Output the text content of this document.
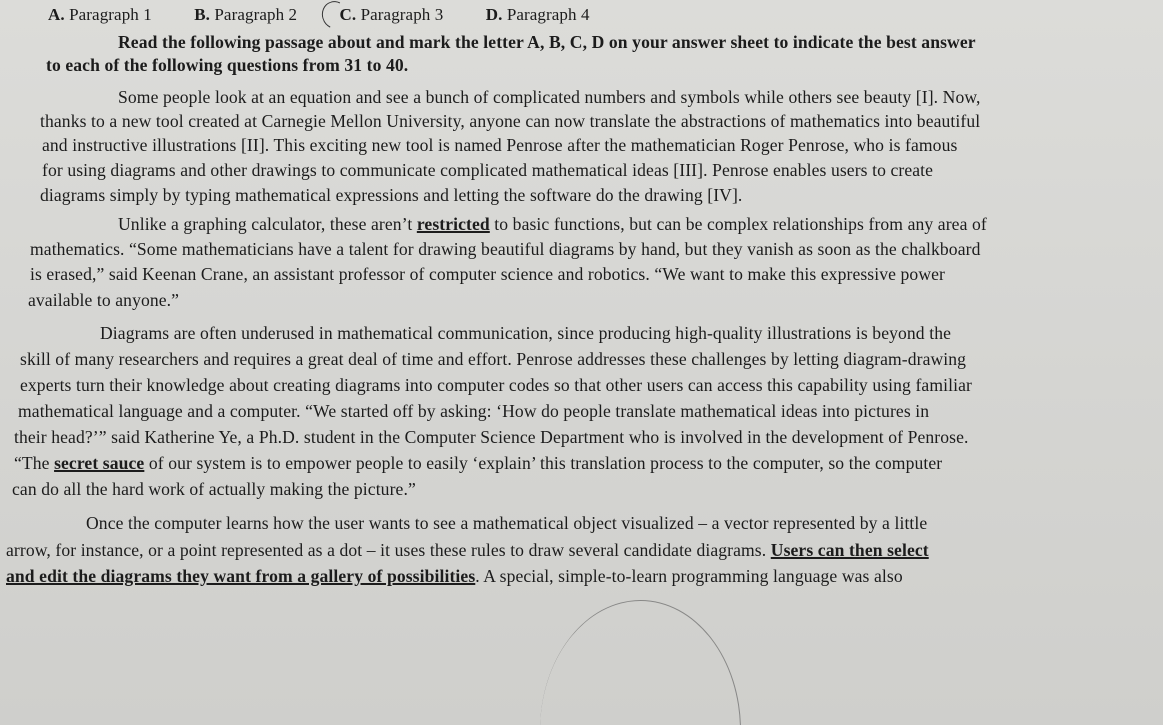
A. Paragraph 1 B. Paragraph 2 C. Paragraph 3 D. Paragraph 4
Read the following passage about and mark the letter A, B, C, D on your answer sheet to indicate the best answer
to each of the following questions from 31 to 40.
Some people look at an equation and see a bunch of complicated numbers and symbols while others see beauty [I]. Now,
thanks to a new tool created at Carnegie Mellon University, anyone can now translate the abstractions of mathematics into beautiful
and instructive illustrations [II]. This exciting new tool is named Penrose after the mathematician Roger Penrose, who is famous
for using diagrams and other drawings to communicate complicated mathematical ideas [III]. Penrose enables users to create
diagrams simply by typing mathematical expressions and letting the software do the drawing [IV].
Unlike a graphing calculator, these aren’t restricted to basic functions, but can be complex relationships from any area of
mathematics. “Some mathematicians have a talent for drawing beautiful diagrams by hand, but they vanish as soon as the chalkboard
is erased,” said Keenan Crane, an assistant professor of computer science and robotics. “We want to make this expressive power
available to anyone.”
Diagrams are often underused in mathematical communication, since producing high-quality illustrations is beyond the
skill of many researchers and requires a great deal of time and effort. Penrose addresses these challenges by letting diagram-drawing
experts turn their knowledge about creating diagrams into computer codes so that other users can access this capability using familiar
mathematical language and a computer. “We started off by asking: ‘How do people translate mathematical ideas into pictures in
their head?’” said Katherine Ye, a Ph.D. student in the Computer Science Department who is involved in the development of Penrose.
“The secret sauce of our system is to empower people to easily ‘explain’ this translation process to the computer, so the computer
can do all the hard work of actually making the picture.”
Once the computer learns how the user wants to see a mathematical object visualized – a vector represented by a little
arrow, for instance, or a point represented as a dot – it uses these rules to draw several candidate diagrams. Users can then select
and edit the diagrams they want from a gallery of possibilities. A special, simple-to-learn programming language was also
